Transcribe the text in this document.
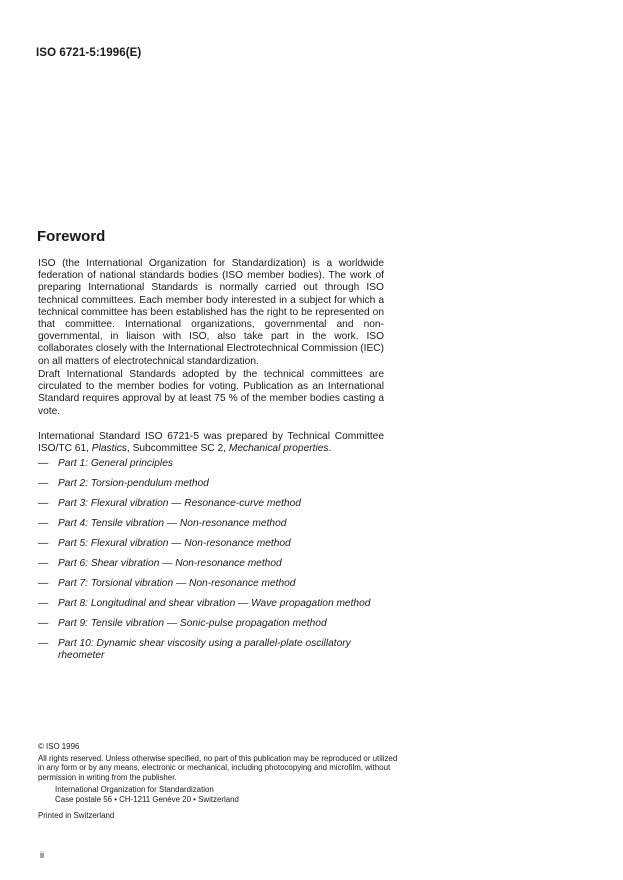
ISO 6721-5:1996(E)
Foreword
ISO (the International Organization for Standardization) is a worldwide federation of national standards bodies (ISO member bodies). The work of preparing International Standards is normally carried out through ISO technical committees. Each member body interested in a subject for which a technical committee has been established has the right to be represented on that committee. International organizations, governmental and non-governmental, in liaison with ISO, also take part in the work. ISO collaborates closely with the International Electrotechnical Commission (IEC) on all matters of electrotechnical standardization.
Draft International Standards adopted by the technical committees are circulated to the member bodies for voting. Publication as an International Standard requires approval by at least 75 % of the member bodies casting a vote.
International Standard ISO 6721-5 was prepared by Technical Committee ISO/TC 61, Plastics, Subcommittee SC 2, Mechanical properties.
— Part 1: General principles
— Part 2: Torsion-pendulum method
— Part 3: Flexural vibration — Resonance-curve method
— Part 4: Tensile vibration — Non-resonance method
— Part 5: Flexural vibration — Non-resonance method
— Part 6: Shear vibration — Non-resonance method
— Part 7: Torsional vibration — Non-resonance method
— Part 8: Longitudinal and shear vibration — Wave propagation method
— Part 9: Tensile vibration — Sonic-pulse propagation method
— Part 10: Dynamic shear viscosity using a parallel-plate oscillatory rheometer
© ISO 1996
All rights reserved. Unless otherwise specified, no part of this publication may be reproduced or utilized in any form or by any means, electronic or mechanical, including photocopying and microfilm, without permission in writing from the publisher.
International Organization for Standardization
Case postale 56 • CH-1211 Genève 20 • Switzerland
Printed in Switzerland
ii
